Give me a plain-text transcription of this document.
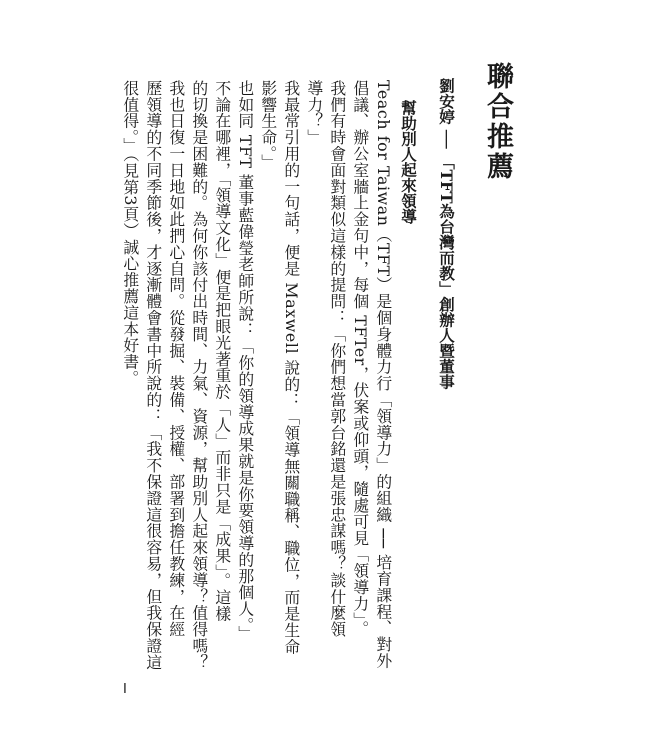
聯合推薦
劉安婷 ── 「TFT為台灣而教」創辦人暨董事
幫助別人起來領導
Teach for Taiwan（TFT）是個身體力行「領導力」的組織 ── 培育課程、對外
倡議、辦公室牆上金句中，每個 TFTer，伏案或仰頭，隨處可見「領導力」。
我們有時會面對類似這樣的提問：「你們想當郭台銘還是張忠謀嗎？談什麼領
導力？」
我最常引用的一句話，便是 Maxwell 說的：「領導無關職稱、職位，而是生命
影響生命。」
也如同 TFT 董事藍偉瑩老師所說：「你的領導成果就是你要領導的那個人。」
不論在哪裡，「領導文化」便是把眼光著重於「人」而非只是「成果」。這樣
的切換是困難的。為何你該付出時間、力氣、資源，幫助別人起來領導？值得嗎？
我也日復一日地如此捫心自問。從發掘、裝備、授權、部署到擔任教練，在經
歷領導的不同季節後，才逐漸體會書中所說的：「我不保證這很容易，但我保證這
很值得。」（見第3頁）誠心推薦這本好書。
I
